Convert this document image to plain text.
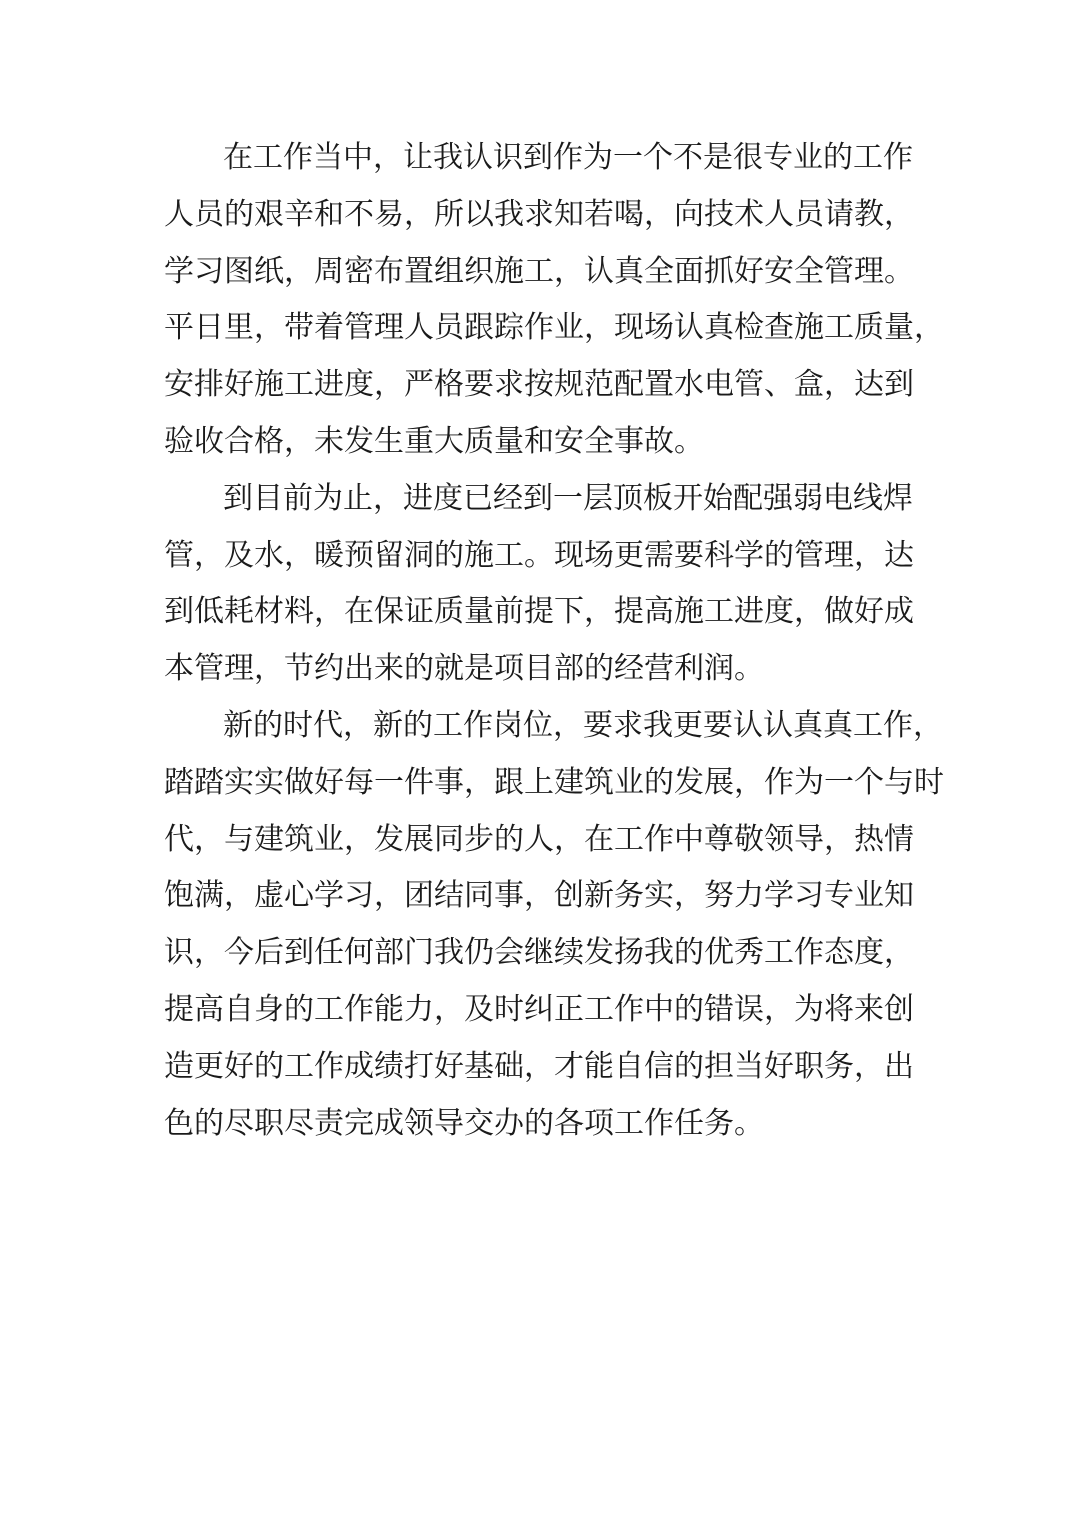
在工作当中，让我认识到作为一个不是很专业的工作
人员的艰辛和不易，所以我求知若喝，向技术人员请教，
学习图纸，周密布置组织施工，认真全面抓好安全管理。
平日里，带着管理人员跟踪作业，现场认真检查施工质量，
安排好施工进度，严格要求按规范配置水电管、盒，达到
验收合格，未发生重大质量和安全事故。
到目前为止，进度已经到一层顶板开始配强弱电线焊
管，及水，暖预留洞的施工。现场更需要科学的管理，达
到低耗材料，在保证质量前提下，提高施工进度，做好成
本管理，节约出来的就是项目部的经营利润。
新的时代，新的工作岗位，要求我更要认认真真工作，
踏踏实实做好每一件事，跟上建筑业的发展，作为一个与时
代，与建筑业，发展同步的人，在工作中尊敬领导，热情
饱满，虚心学习，团结同事，创新务实，努力学习专业知
识，今后到任何部门我仍会继续发扬我的优秀工作态度，
提高自身的工作能力，及时纠正工作中的错误，为将来创
造更好的工作成绩打好基础，才能自信的担当好职务，出
色的尽职尽责完成领导交办的各项工作任务。
